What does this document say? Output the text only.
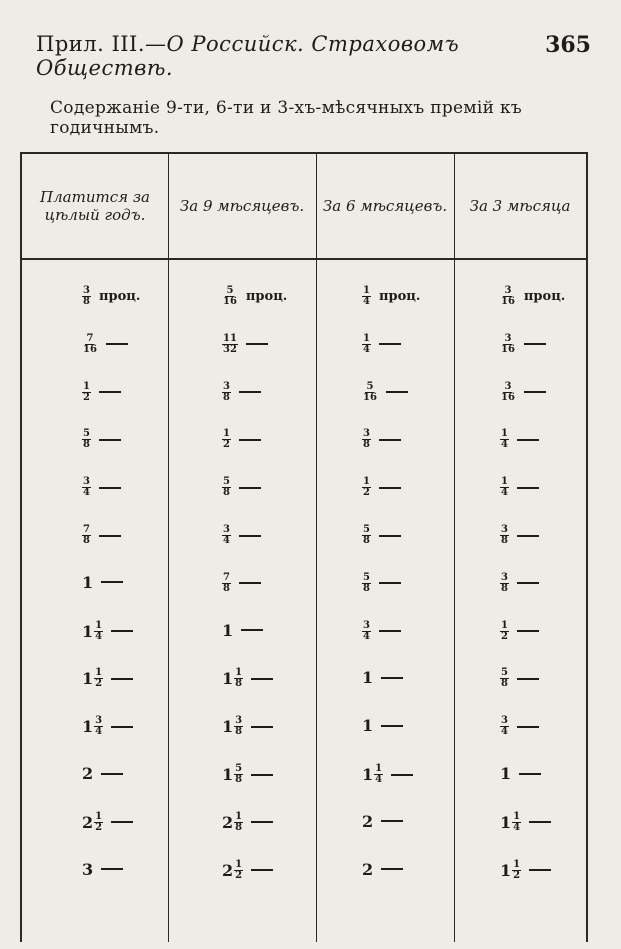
Прил. III.—О Российск. Страховомъ Обществѣ.
365
Содержаніе 9-ти, 6-ти и 3-хъ-мѣсячныхъ премій къ годичнымъ.
Платится за цѣлый годъ.	За 9 мѣсяцевъ.	За 6 мѣсяцевъ.	За 3 мѣсяца
$\frac{3}{8}$ проц.	$\frac{5}{16}$ проц.	$\frac{1}{4}$ проц.	$\frac{3}{16}$ проц.
$\frac{7}{16}$	$\frac{11}{32}$	$\frac{1}{4}$	$\frac{3}{16}$
$\frac{1}{2}$	$\frac{3}{8}$	$\frac{5}{16}$	$\frac{3}{16}$
$\frac{5}{8}$	$\frac{1}{2}$	$\frac{3}{8}$	$\frac{1}{4}$
$\frac{3}{4}$	$\frac{5}{8}$	$\frac{1}{2}$	$\frac{1}{4}$
$\frac{7}{8}$	$\frac{3}{4}$	$\frac{5}{8}$	$\frac{3}{8}$
1	$\frac{7}{8}$	$\frac{5}{8}$	$\frac{3}{8}$
$1 \frac{1}{4}$	1	$\frac{3}{4}$	$\frac{1}{2}$
$1 \frac{1}{2}$	$1 \frac{1}{8}$	1	$\frac{5}{8}$
$1 \frac{3}{4}$	$1 \frac{3}{8}$	1	$\frac{3}{4}$
2	$1 \frac{5}{8}$	$1 \frac{1}{4}$	1
$2 \frac{1}{2}$	$2 \frac{1}{8}$	2	$1 \frac{1}{4}$
3	$2 \frac{1}{2}$	2	$1 \frac{1}{2}$
